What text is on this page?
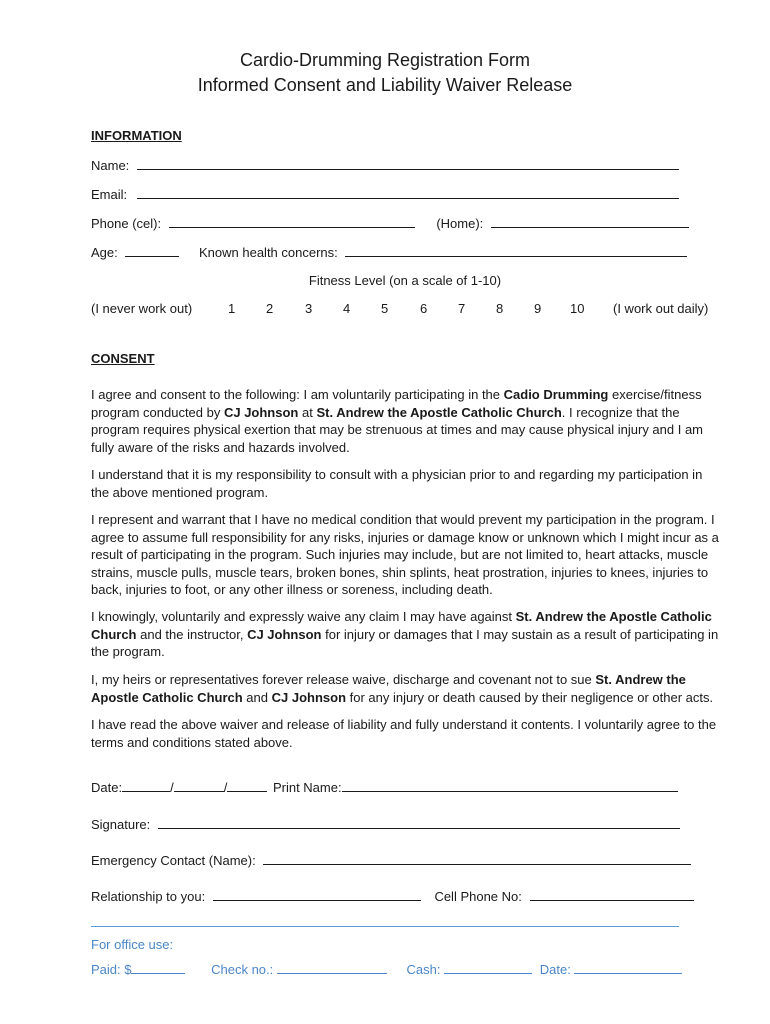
Cardio-Drumming Registration Form
Informed Consent and Liability Waiver Release
INFORMATION
Name:
Email:
Phone (cel):	(Home):
Age:	Known health concerns:
Fitness Level (on a scale of 1-10)
(I never work out)	1 2 3 4 5 6 7 8 9 10 (I work out daily)
CONSENT
I agree and consent to the following: I am voluntarily participating in the Cadio Drumming exercise/fitness program conducted by CJ Johnson at St. Andrew the Apostle Catholic Church. I recognize that the program requires physical exertion that may be strenuous at times and may cause physical injury and I am fully aware of the risks and hazards involved.
I understand that it is my responsibility to consult with a physician prior to and regarding my participation in the above mentioned program.
I represent and warrant that I have no medical condition that would prevent my participation in the program. I agree to assume full responsibility for any risks, injuries or damage know or unknown which I might incur as a result of participating in the program. Such injuries may include, but are not limited to, heart attacks, muscle strains, muscle pulls, muscle tears, broken bones, shin splints, heat prostration, injuries to knees, injuries to back, injuries to foot, or any other illness or soreness, including death.
I knowingly, voluntarily and expressly waive any claim I may have against St. Andrew the Apostle Catholic Church and the instructor, CJ Johnson for injury or damages that I may sustain as a result of participating in the program.
I, my heirs or representatives forever release waive, discharge and covenant not to sue St. Andrew the Apostle Catholic Church and CJ Johnson for any injury or death caused by their negligence or other acts.
I have read the above waiver and release of liability and fully understand it contents. I voluntarily agree to the terms and conditions stated above.
Date:	/	/	Print Name:
Signature:
Emergency Contact (Name):
Relationship to you:	Cell Phone No:
For office use:
Paid: $	Check no.:	Cash:	Date:
